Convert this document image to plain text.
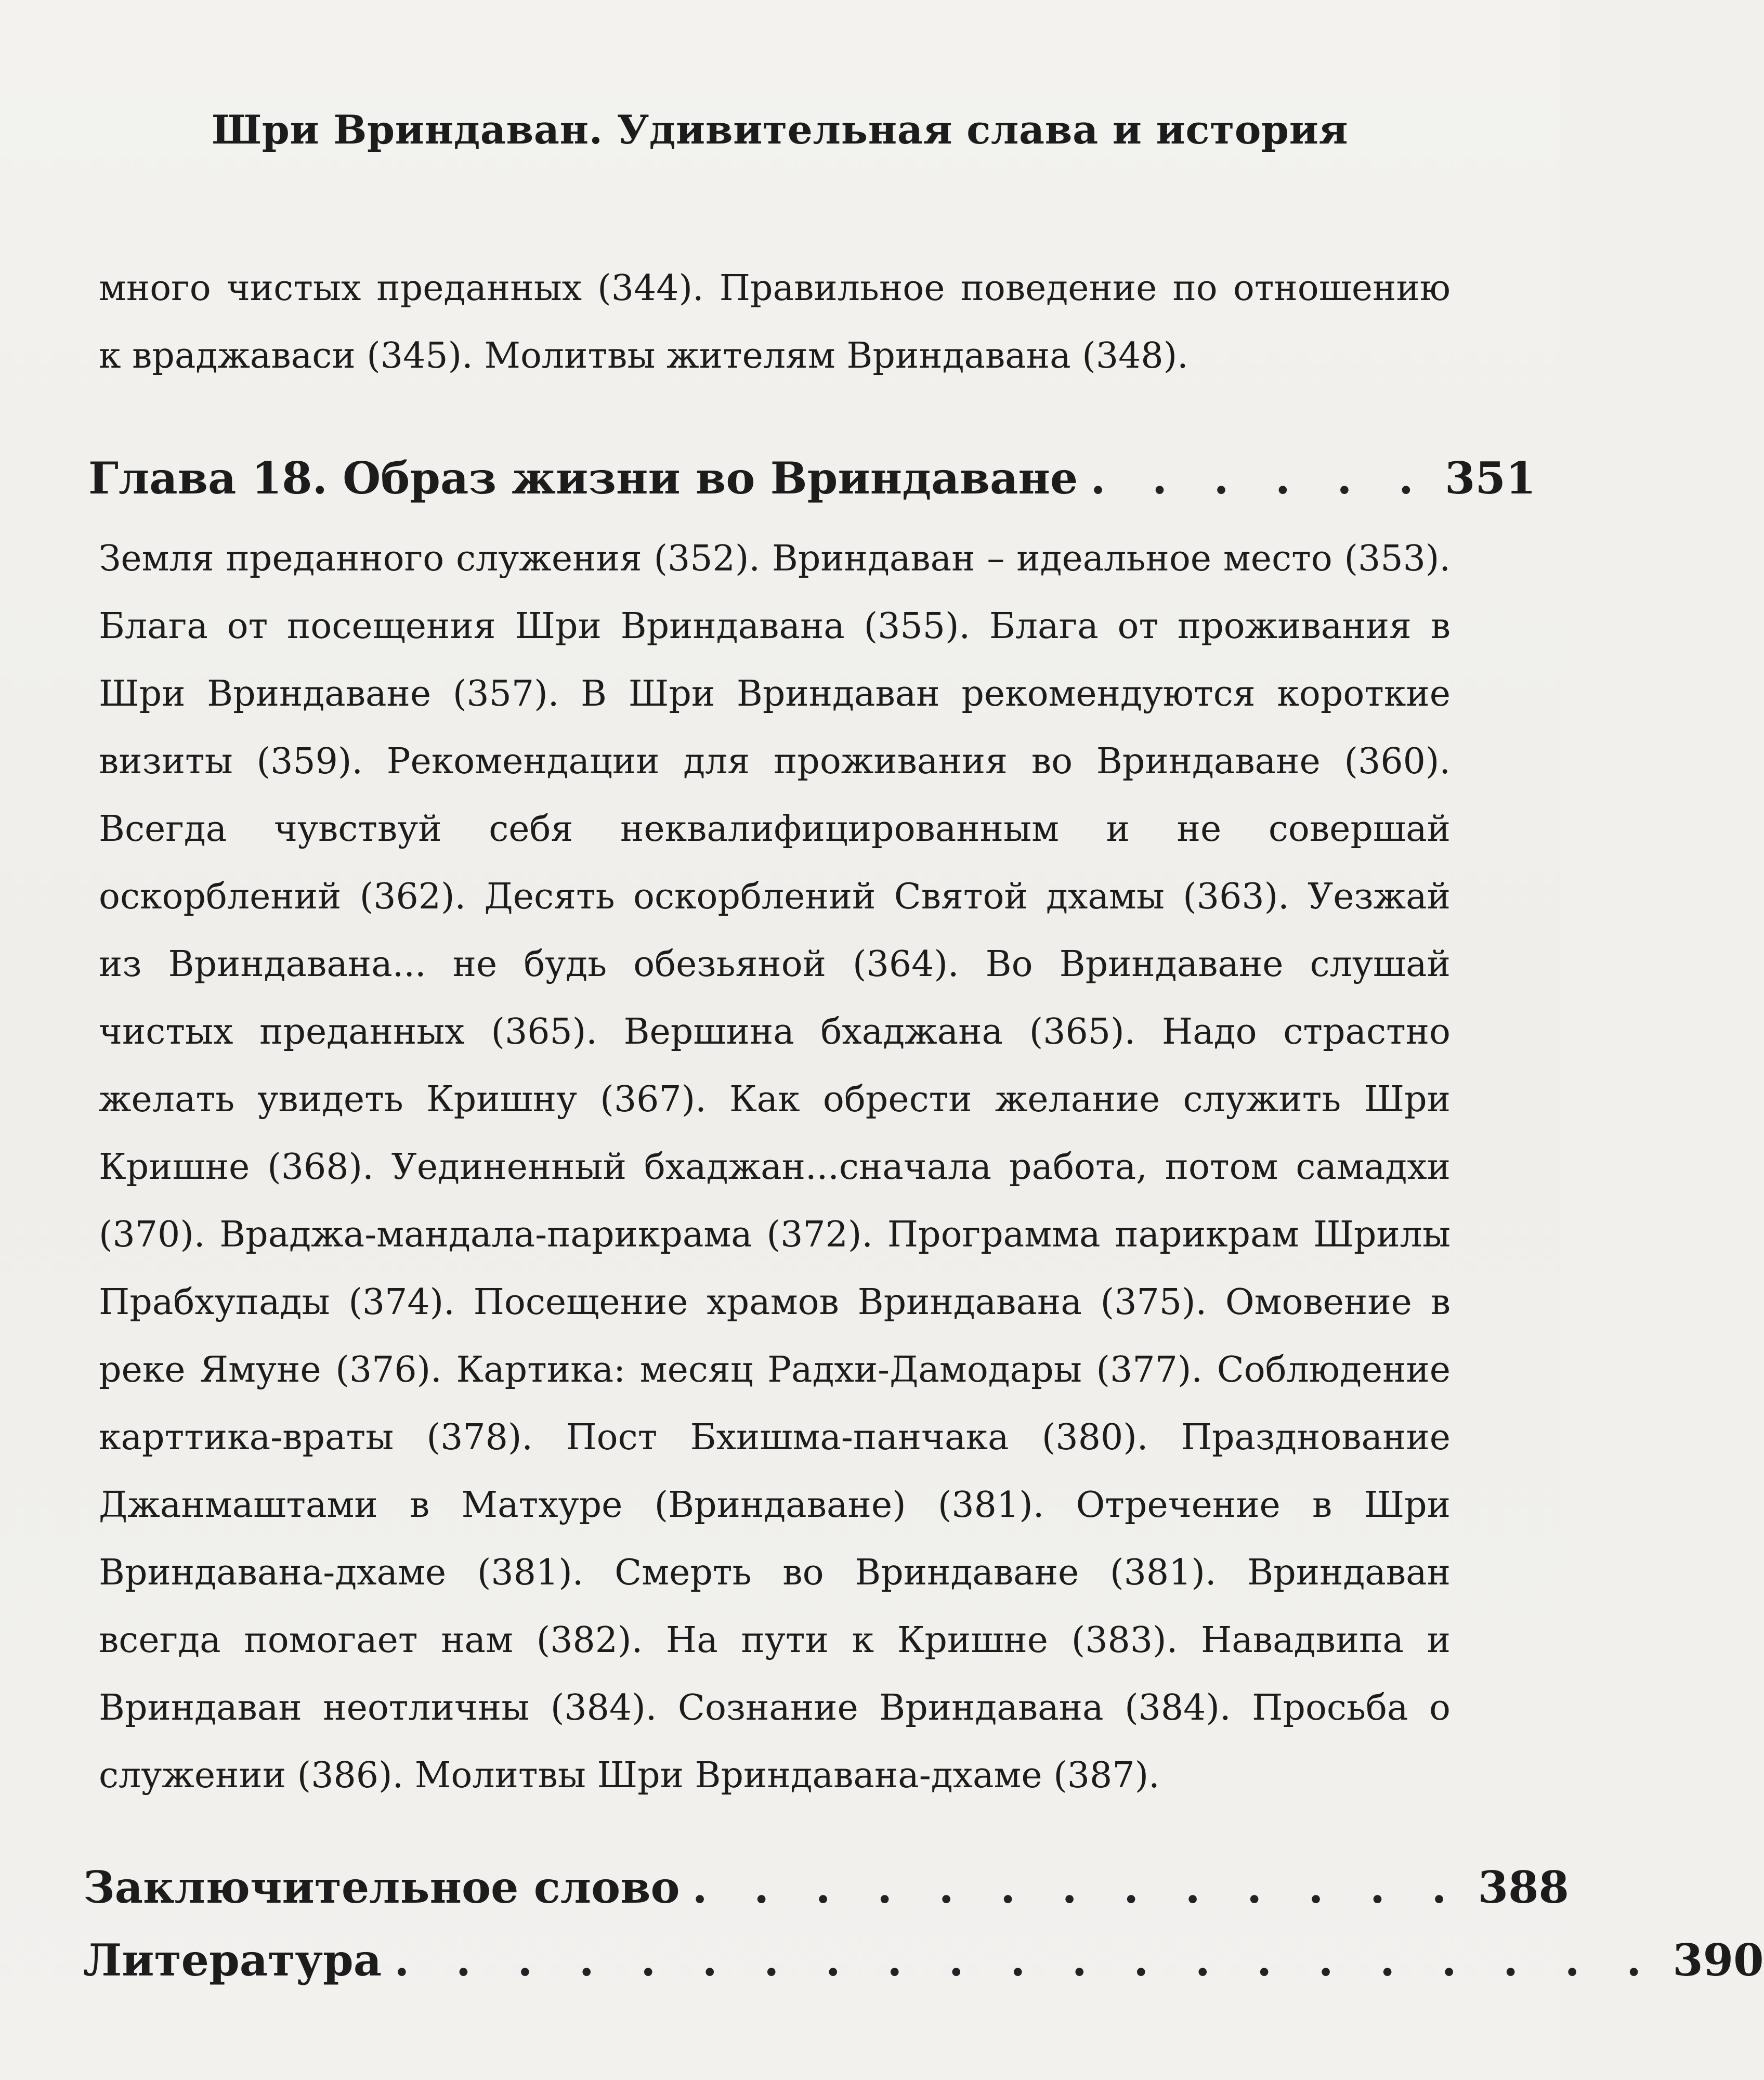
Шри Вриндаван. Удивительная слава и история
много чистых преданных (344). Правильное поведение по отношению к враджаваси (345). Молитвы жителям Вриндавана (348).
Глава 18. Образ жизни во Вриндаване . . . . . . 351
Земля преданного служения (352). Вриндаван – идеальное место (353). Блага от посещения Шри Вриндавана (355). Блага от проживания в Шри Вриндаване (357). В Шри Вриндаван рекомендуются короткие визиты (359). Рекомендации для проживания во Вриндаване (360). Всегда чувствуй себя неквалифицированным и не совершай оскорблений (362). Десять оскорблений Святой дхамы (363). Уезжай из Вриндавана... не будь обезьяной (364). Во Вриндаване слушай чистых преданных (365). Вершина бхаджана (365). Надо страстно желать увидеть Кришну (367). Как обрести желание служить Шри Кришне (368). Уединенный бхаджан...сначала работа, потом самадхи (370). Враджа-мандала-парикрама (372). Программа парикрам Шрилы Прабхупады (374). Посещение храмов Вриндавана (375). Омовение в реке Ямуне (376). Картика: месяц Радхи-Дамодары (377). Соблюдение карттика-враты (378). Пост Бхишма-панчака (380). Празднование Джанмаштами в Матхуре (Вриндаване) (381). Отречение в Шри Вриндавана-дхаме (381). Смерть во Вриндаване (381). Вриндаван всегда помогает нам (382). На пути к Кришне (383). Навадвипа и Вриндаван неотличны (384). Сознание Вриндавана (384). Просьба о служении (386). Молитвы Шри Вриндавана-дхаме (387).
Заключительное слово . . . . . . . . . . . . . 388
Литература . . . . . . . . . . . . . . . . . . . . . 390
